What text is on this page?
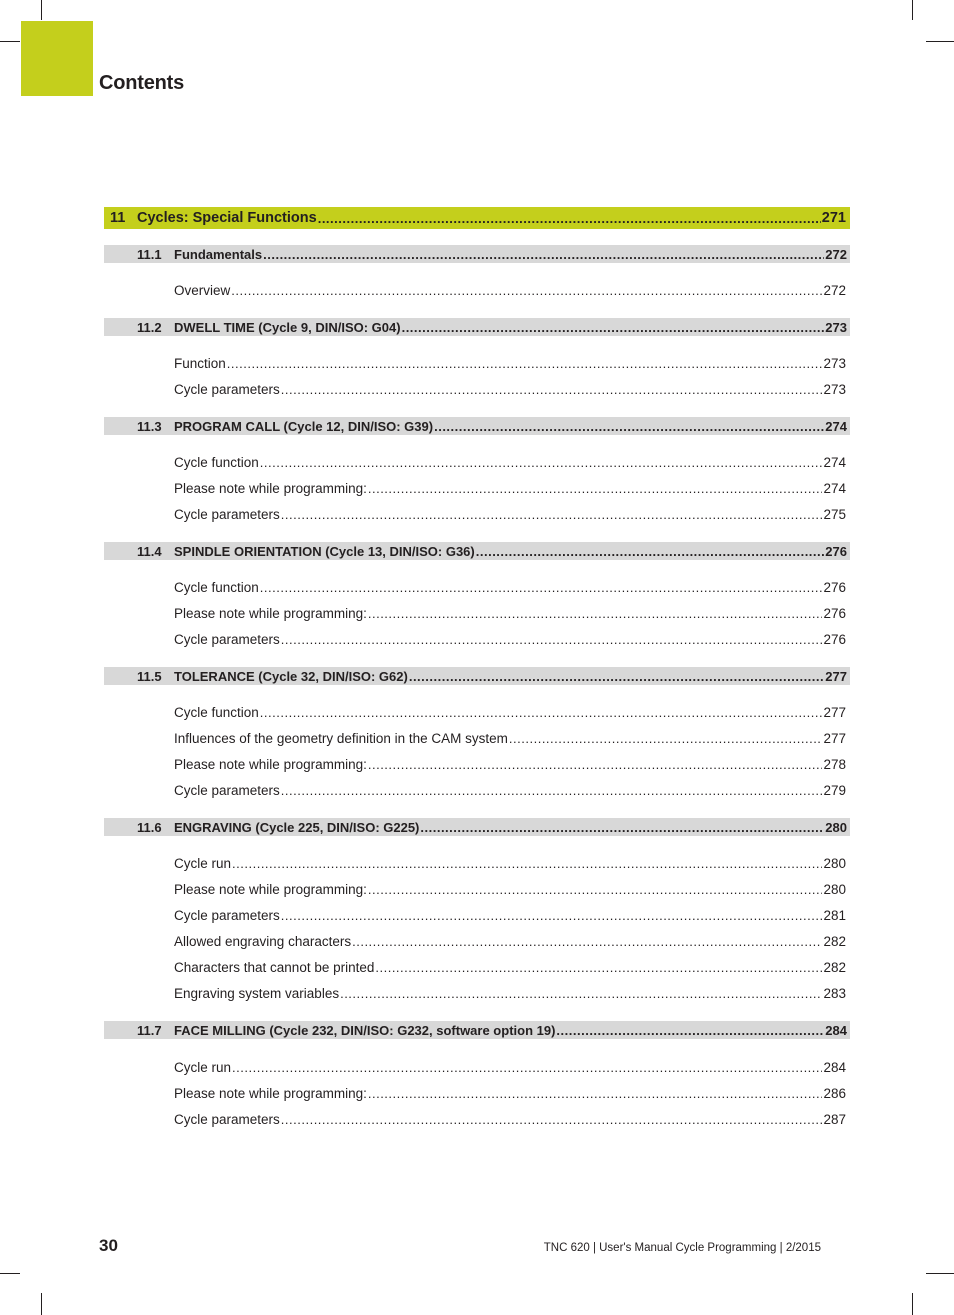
Contents
11 Cycles: Special Functions .....	271
11.1 Fundamentals .....	272
Overview .....	272
11.2 DWELL TIME (Cycle 9, DIN/ISO: G04) .....	273
Function .....	273
Cycle parameters .....	273
11.3 PROGRAM CALL (Cycle 12, DIN/ISO: G39) .....	274
Cycle function .....	274
Please note while programming: .....	274
Cycle parameters .....	275
11.4 SPINDLE ORIENTATION (Cycle 13, DIN/ISO: G36) .....	276
Cycle function .....	276
Please note while programming: .....	276
Cycle parameters .....	276
11.5 TOLERANCE (Cycle 32, DIN/ISO: G62) .....	277
Cycle function .....	277
Influences of the geometry definition in the CAM system .....	277
Please note while programming: .....	278
Cycle parameters .....	279
11.6 ENGRAVING (Cycle 225, DIN/ISO: G225) .....	280
Cycle run .....	280
Please note while programming: .....	280
Cycle parameters .....	281
Allowed engraving characters .....	282
Characters that cannot be printed .....	282
Engraving system variables .....	283
11.7 FACE MILLING (Cycle 232, DIN/ISO: G232, software option 19) .....	284
Cycle run .....	284
Please note while programming: .....	286
Cycle parameters .....	287
30	TNC 620 | User's Manual Cycle Programming | 2/2015
